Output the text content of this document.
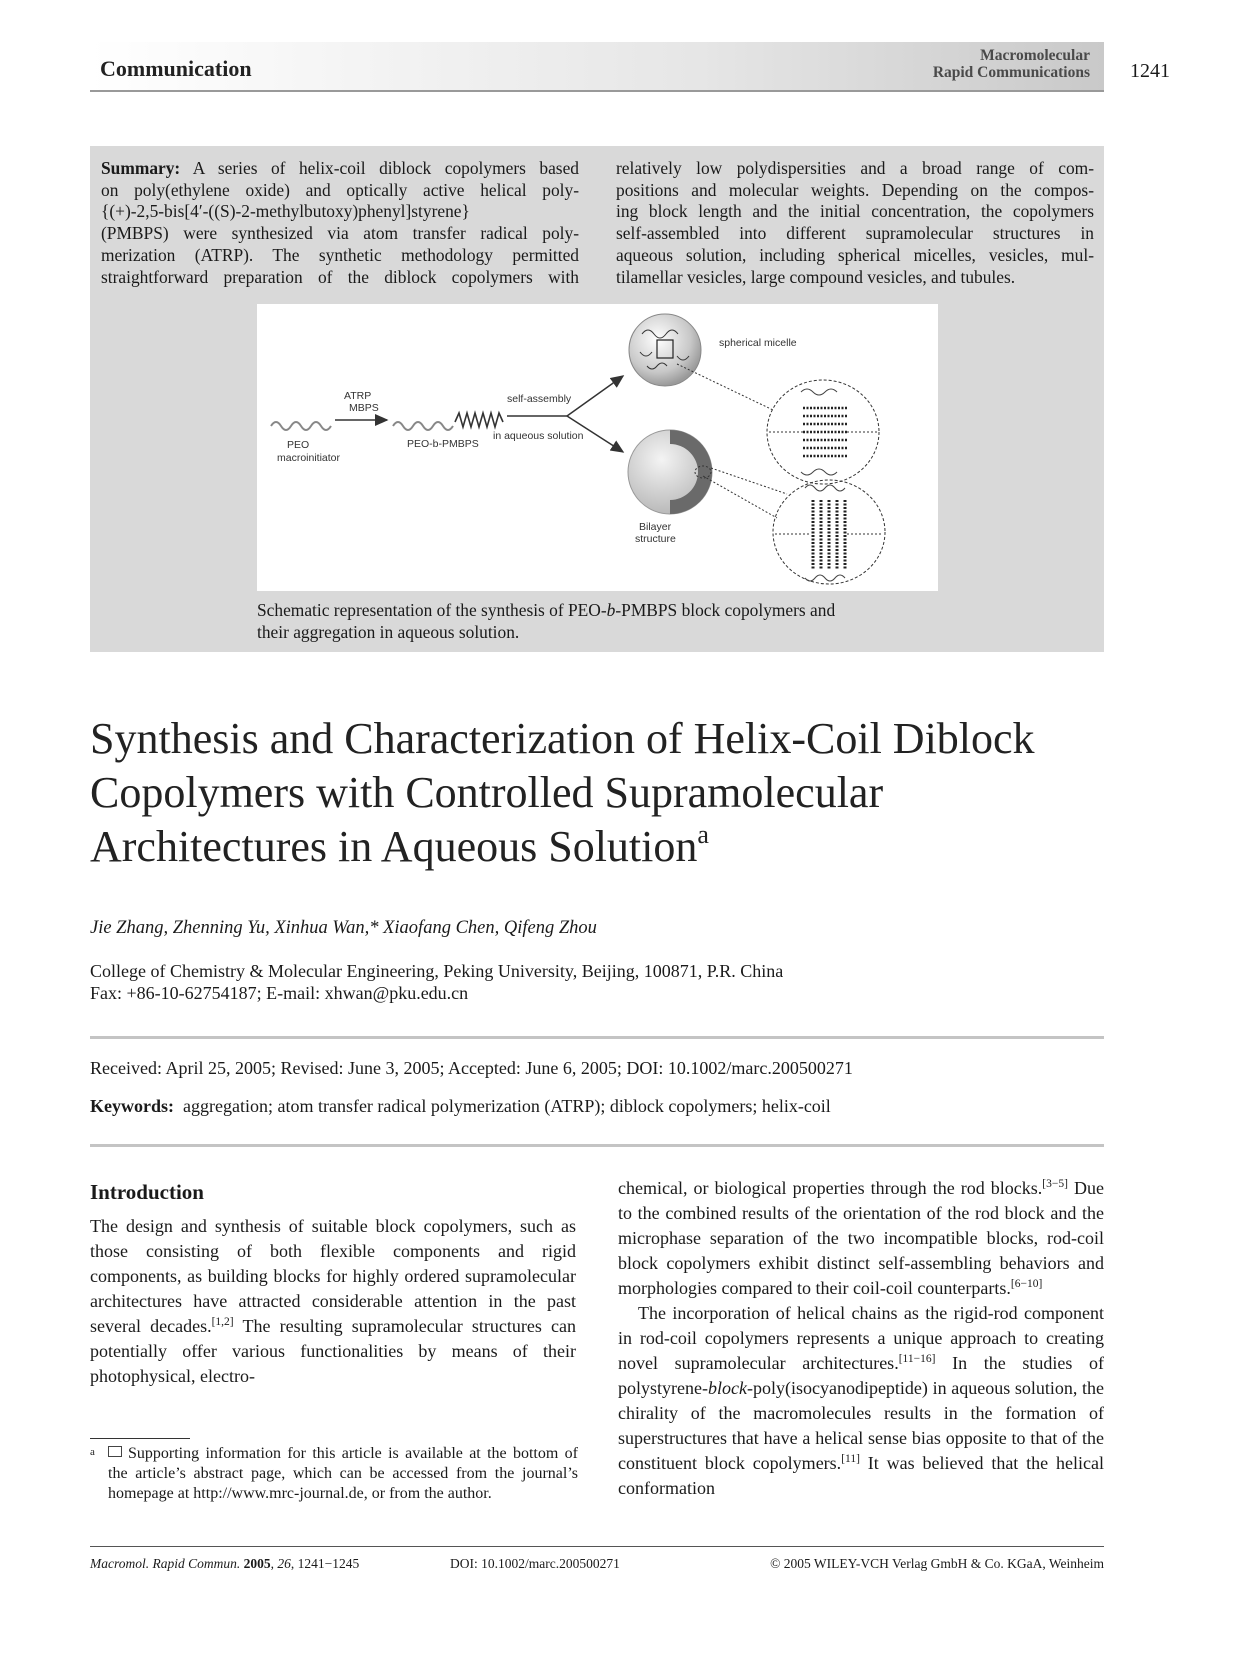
Communication
Macromolecular
Rapid Communications 1241
Summary: A series of helix-coil diblock copolymers based
on poly(ethylene oxide) and optically active helical poly-
{(+)-2,5-bis[4′-((S)-2-methylbutoxy)phenyl]styrene}
(PMBPS) were synthesized via atom transfer radical poly-
merization (ATRP). The synthetic methodology permitted
straightforward preparation of the diblock copolymers with
relatively low polydispersities and a broad range of com-
positions and molecular weights. Depending on the compos-
ing block length and the initial concentration, the copolymers
self-assembled into different supramolecular structures in
aqueous solution, including spherical micelles, vesicles, mul-
tilamellar vesicles, large compound vesicles, and tubules.
PEO
macroinitiator
ATRP
MBPS
PEO-b-PMBPS
self-assembly
in aqueous solution
spherical micelle
Bilayer
structure
Schematic representation of the synthesis of PEO-b-PMBPS block copolymers and
their aggregation in aqueous solution.
Synthesis and Characterization of Helix-Coil Diblock
Copolymers with Controlled Supramolecular
Architectures in Aqueous Solution$^a$
Jie Zhang, Zhenning Yu, Xinhua Wan,* Xiaofang Chen, Qifeng Zhou
College of Chemistry & Molecular Engineering, Peking University, Beijing, 100871, P.R. China
Fax: +86-10-62754187; E-mail: xhwan@pku.edu.cn
Received: April 25, 2005; Revised: June 3, 2005; Accepted: June 6, 2005; DOI: 10.1002/marc.200500271
Keywords: aggregation; atom transfer radical polymerization (ATRP); diblock copolymers; helix-coil
Introduction
The design and synthesis of suitable block copolymers, such as those consisting of both flexible components and rigid components, as building blocks for highly ordered supramolecular architectures have attracted considerable attention in the past several decades.[1,2] The resulting supramolecular structures can potentially offer various functionalities by means of their photophysical, electro-
chemical, or biological properties through the rod blocks.[3−5] Due to the combined results of the orientation of the rod block and the microphase separation of the two incompatible blocks, rod-coil block copolymers exhibit distinct self-assembling behaviors and morphologies compared to their coil-coil counterparts.[6−10]
The incorporation of helical chains as the rigid-rod component in rod-coil copolymers represents a unique approach to creating novel supramolecular architectures.[11−16] In the studies of polystyrene-block-poly(isocyanodipeptide) in aqueous solution, the chirality of the macromolecules results in the formation of superstructures that have a helical sense bias opposite to that of the constituent block copolymers.[11] It was believed that the helical conformation
a	Supporting information for this article is available at the bottom of the article’s abstract page, which can be accessed from the journal’s homepage at http://www.mrc-journal.de, or from the author.
Macromol. Rapid Commun. 2005, 26, 1241−1245	DOI: 10.1002/marc.200500271	© 2005 WILEY-VCH Verlag GmbH & Co. KGaA, Weinheim
